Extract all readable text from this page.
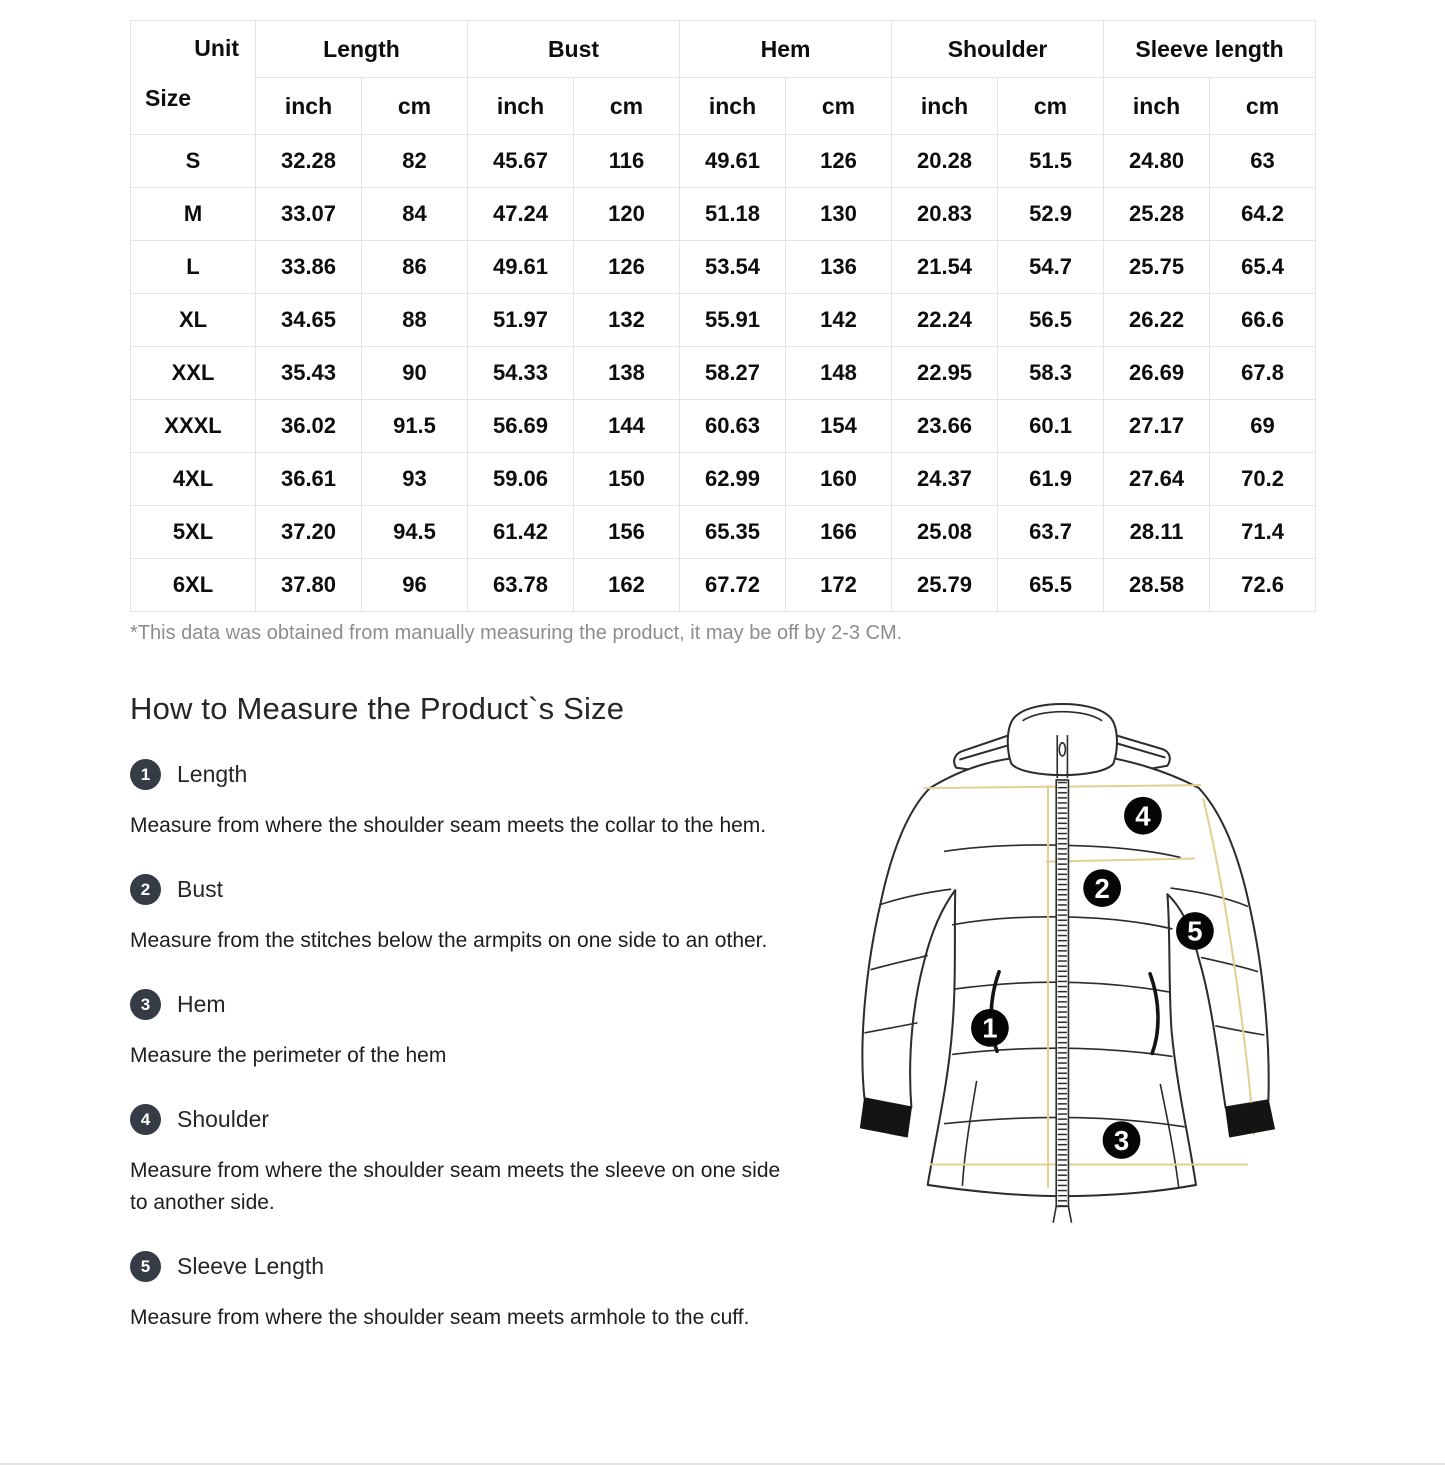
Unit
Size	Length		Bust		Hem		Shoulder		Sleeve length	
	inch	cm	inch	cm	inch	cm	inch	cm	inch	cm
S	32.28	82	45.67	116	49.61	126	20.28	51.5	24.80	63
M	33.07	84	47.24	120	51.18	130	20.83	52.9	25.28	64.2
L	33.86	86	49.61	126	53.54	136	21.54	54.7	25.75	65.4
XL	34.65	88	51.97	132	55.91	142	22.24	56.5	26.22	66.6
XXL	35.43	90	54.33	138	58.27	148	22.95	58.3	26.69	67.8
XXXL	36.02	91.5	56.69	144	60.63	154	23.66	60.1	27.17	69
4XL	36.61	93	59.06	150	62.99	160	24.37	61.9	27.64	70.2
5XL	37.20	94.5	61.42	156	65.35	166	25.08	63.7	28.11	71.4
6XL	37.80	96	63.78	162	67.72	172	25.79	65.5	28.58	72.6

*This data was obtained from manually measuring the product, it may be off by 2-3 CM.

How to Measure the Product`s Size
1	Length

Measure from where the shoulder seam meets the collar to the hem.

2	Bust

Measure from the stitches below the armpits on one side to an other.

3	Hem

Measure the perimeter of the hem

4	Shoulder

Measure from where the shoulder seam meets the sleeve on one side to another side.

5	Sleeve Length

Measure from where the shoulder seam meets armhole to the cuff.

4
2
5
1
3
